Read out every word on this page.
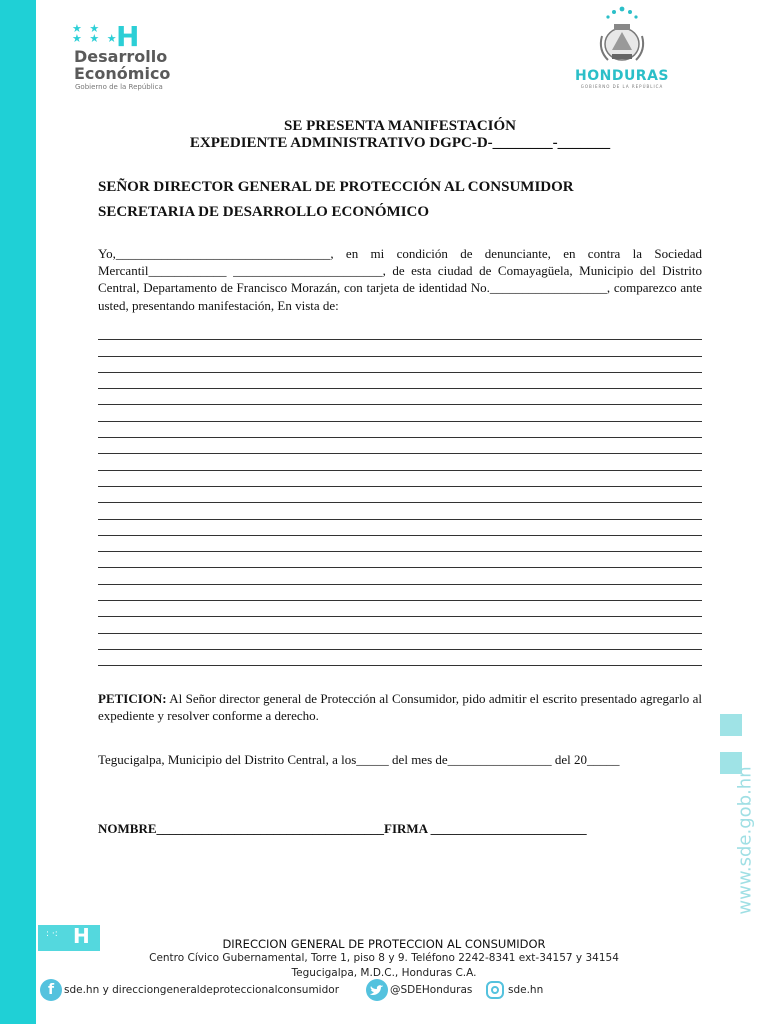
★ ★
★ ★ ★
H
Desarrollo
Económico
Gobierno de la República
HONDURAS
GOBIERNO DE LA REPÚBLICA
SE PRESENTA MANIFESTACIÓN
EXPEDIENTE ADMINISTRATIVO DGPC-D-________-_______
SEÑOR DIRECTOR GENERAL DE PROTECCIÓN AL CONSUMIDOR
SECRETARIA DE DESARROLLO ECONÓMICO
Yo,_________________________________, en mi condición de denunciante, en contra la Sociedad Mercantil____________ _______________________, de esta ciudad de Comayagüela, Municipio del Distrito Central, Departamento de Francisco Morazán, con tarjeta de identidad No.__________________, comparezco ante usted, presentando manifestación, En vista de:
PETICION: Al Señor director general de Protección al Consumidor, pido admitir el escrito presentado agregarlo al expediente y resolver conforme a derecho.
Tegucigalpa, Municipio del Distrito Central, a los_____ del mes de________________ del 20_____
NOMBRE___________________________________FIRMA ________________________	www.sde.gob.hn
: ·: H	DIRECCION GENERAL DE PROTECCION AL CONSUMIDOR
Centro Cívico Gubernamental, Torre 1, piso 8 y 9. Teléfono 2242-8341 ext-34157 y 34154
Tegucigalpa, M.D.C., Honduras C.A.
f sde.hn y direcciongeneraldeproteccionalconsumidor	@SDEHonduras	sde.hn
